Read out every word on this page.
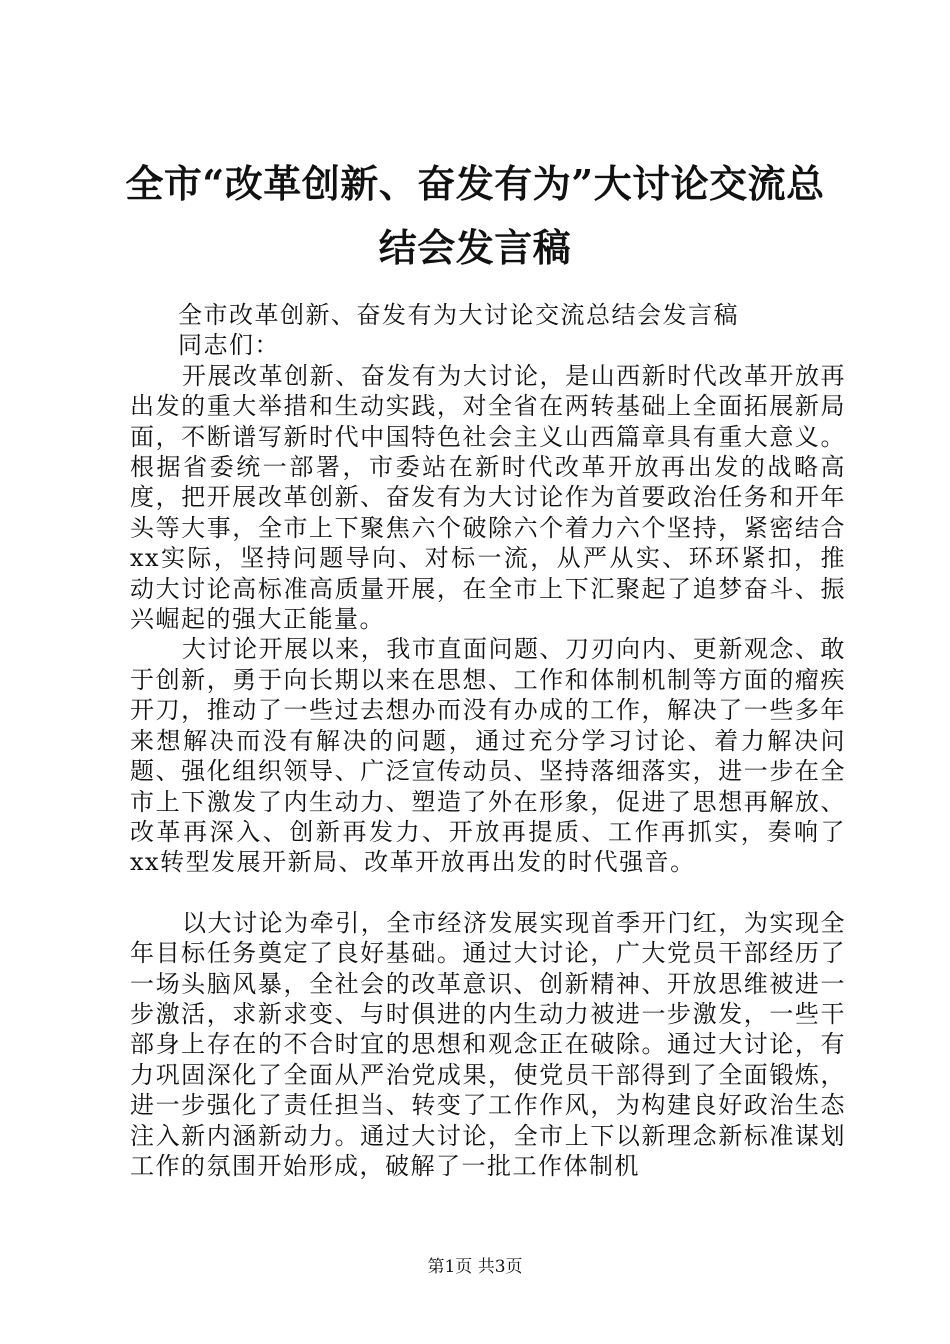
全市“改革创新、奋发有为”大讨论交流总结会发言稿

全市改革创新、奋发有为大讨论交流总结会发言稿

同志们：

开展改革创新、奋发有为大讨论，是山西新时代改革开放再出发的重大举措和生动实践，对全省在两转基础上全面拓展新局面，不断谱写新时代中国特色社会主义山西篇章具有重大意义。根据省委统一部署，市委站在新时代改革开放再出发的战略高度，把开展改革创新、奋发有为大讨论作为首要政治任务和开年头等大事，全市上下聚焦六个破除六个着力六个坚持，紧密结合xx实际，坚持问题导向、对标一流，从严从实、环环紧扣，推动大讨论高标准高质量开展，在全市上下汇聚起了追梦奋斗、振兴崛起的强大正能量。

大讨论开展以来，我市直面问题、刀刃向内、更新观念、敢于创新，勇于向长期以来在思想、工作和体制机制等方面的瘤疾开刀，推动了一些过去想办而没有办成的工作，解决了一些多年来想解决而没有解决的问题，通过充分学习讨论、着力解决问题、强化组织领导、广泛宣传动员、坚持落细落实，进一步在全市上下激发了内生动力、塑造了外在形象，促进了思想再解放、改革再深入、创新再发力、开放再提质、工作再抓实，奏响了xx转型发展开新局、改革开放再出发的时代强音。

以大讨论为牵引，全市经济发展实现首季开门红，为实现全年目标任务奠定了良好基础。通过大讨论，广大党员干部经历了一场头脑风暴，全社会的改革意识、创新精神、开放思维被进一步激活，求新求变、与时俱进的内生动力被进一步激发，一些干部身上存在的不合时宜的思想和观念正在破除。通过大讨论，有力巩固深化了全面从严治党成果，使党员干部得到了全面锻炼，进一步强化了责任担当、转变了工作作风，为构建良好政治生态注入新内涵新动力。通过大讨论，全市上下以新理念新标准谋划工作的氛围开始形成，破解了一批工作体制机

第1页 共3页
